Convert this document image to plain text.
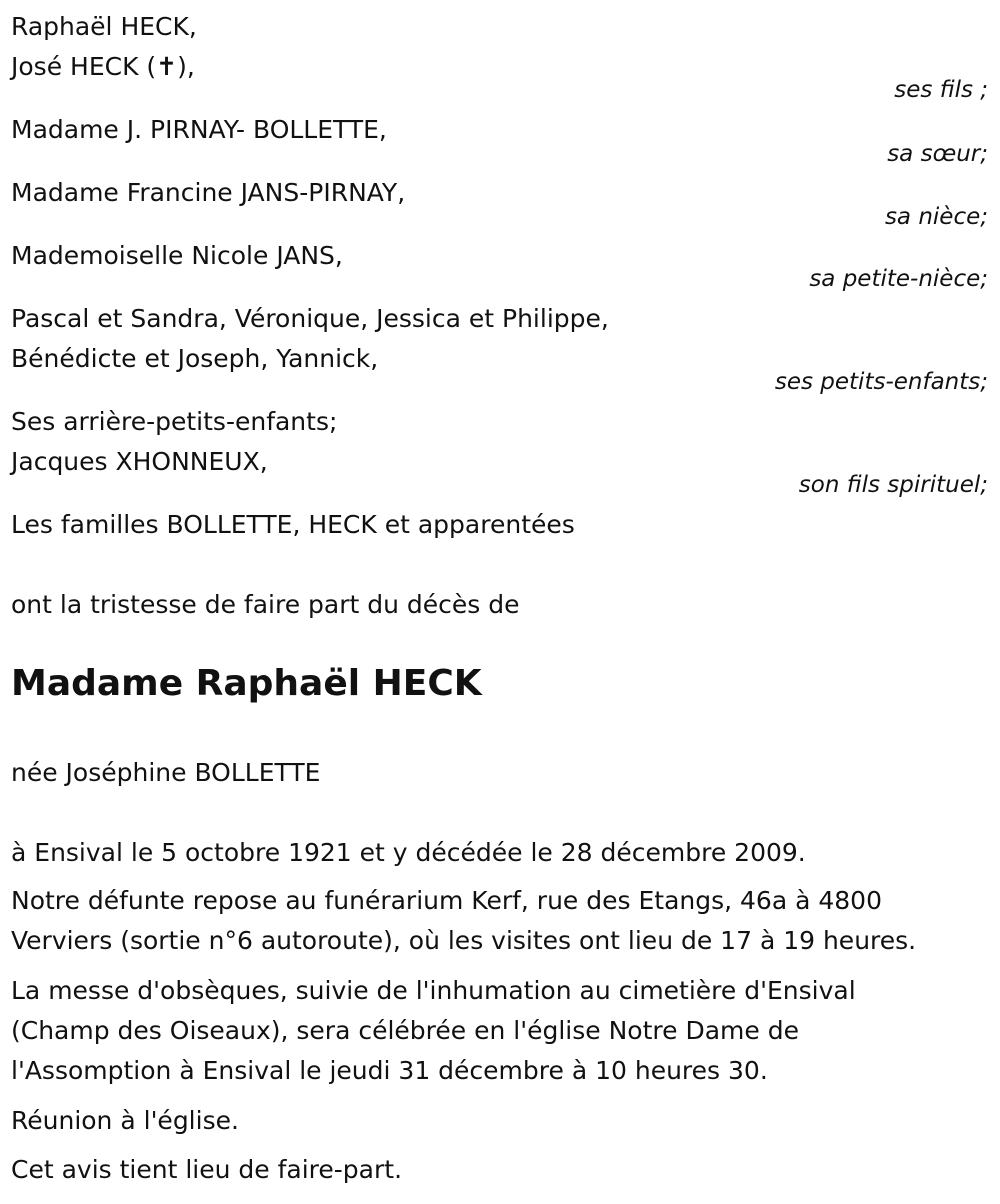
Raphaël HECK,
José HECK (✝),
ses fils ;
Madame J. PIRNAY- BOLLETTE,
sa sœur;
Madame Francine JANS-PIRNAY,
sa nièce;
Mademoiselle Nicole JANS,
sa petite-nièce;
Pascal et Sandra, Véronique, Jessica et Philippe,
Bénédicte et Joseph, Yannick,
ses petits-enfants;
Ses arrière-petits-enfants;
Jacques XHONNEUX,
son fils spirituel;
Les familles BOLLETTE, HECK et apparentées
ont la tristesse de faire part du décès de
Madame Raphaël HECK
née Joséphine BOLLETTE
à Ensival le 5 octobre 1921 et y décédée le 28 décembre 2009.
Notre défunte repose au funérarium Kerf, rue des Etangs, 46a à 4800
Verviers (sortie n°6 autoroute), où les visites ont lieu de 17 à 19 heures.
La messe d'obsèques, suivie de l'inhumation au cimetière d'Ensival
(Champ des Oiseaux), sera célébrée en l'église Notre Dame de
l'Assomption à Ensival le jeudi 31 décembre à 10 heures 30.
Réunion à l'église.
Cet avis tient lieu de faire-part.
